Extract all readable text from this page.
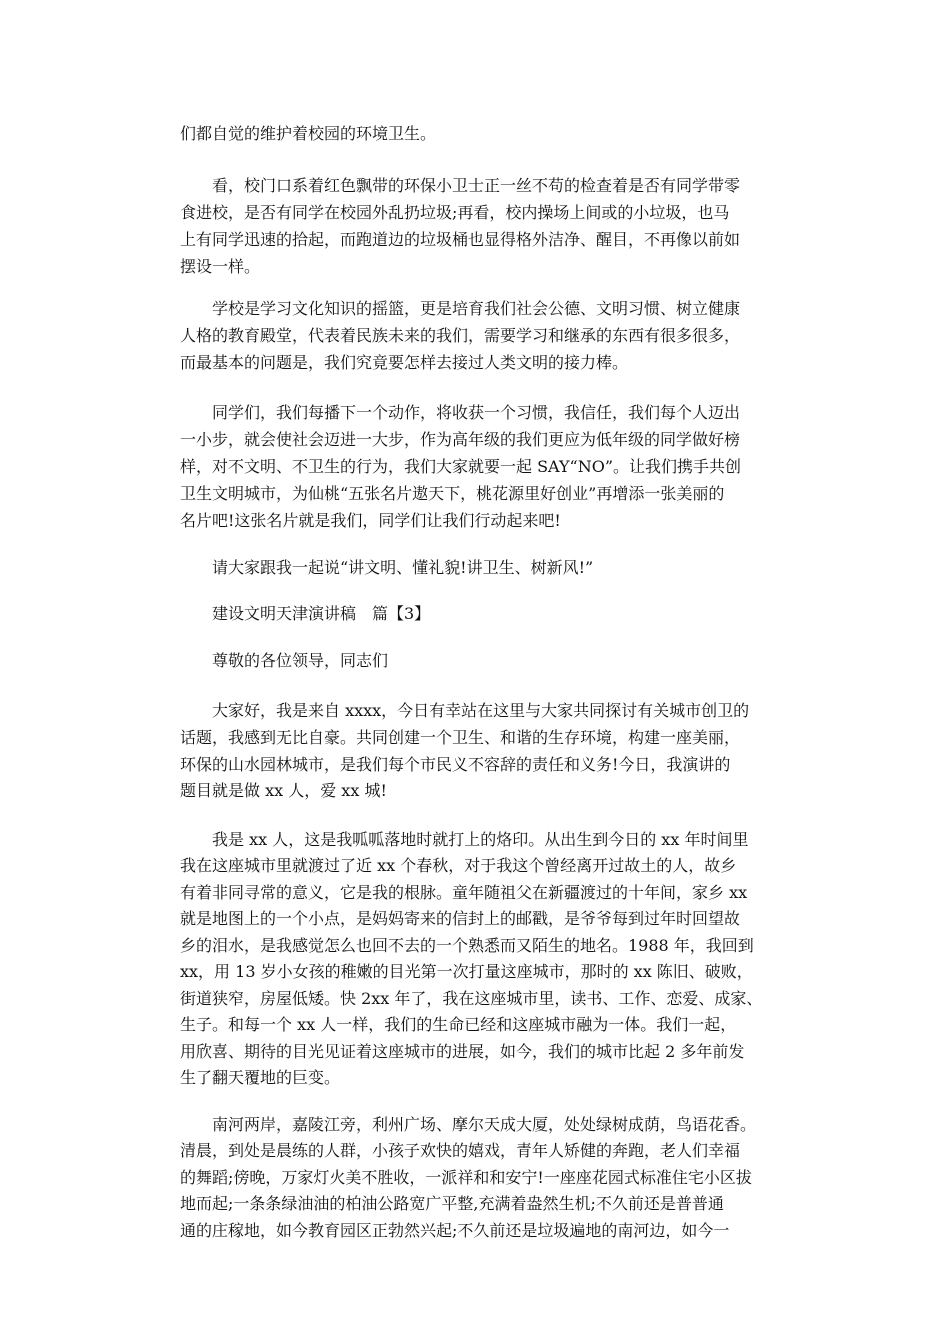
们都自觉的维护着校园的环境卫生。
看，校门口系着红色飘带的环保小卫士正一丝不苟的检查着是否有同学带零
食进校，是否有同学在校园外乱扔垃圾;再看，校内操场上间或的小垃圾，也马
上有同学迅速的拾起，而跑道边的垃圾桶也显得格外洁净、醒目，不再像以前如
摆设一样。
学校是学习文化知识的摇篮，更是培育我们社会公德、文明习惯、树立健康
人格的教育殿堂，代表着民族未来的我们，需要学习和继承的东西有很多很多，
而最基本的问题是，我们究竟要怎样去接过人类文明的接力棒。
同学们，我们每播下一个动作，将收获一个习惯，我信任，我们每个人迈出
一小步，就会使社会迈进一大步，作为高年级的我们更应为低年级的同学做好榜
样，对不文明、不卫生的行为，我们大家就要一起 SAY“NO”。让我们携手共创
卫生文明城市，为仙桃“五张名片遨天下，桃花源里好创业”再增添一张美丽的
名片吧!这张名片就是我们，同学们让我们行动起来吧!
请大家跟我一起说“讲文明、懂礼貌!讲卫生、树新风!”
建设文明天津演讲稿　篇【3】
尊敬的各位领导，同志们
大家好，我是来自 xxxx，今日有幸站在这里与大家共同探讨有关城市创卫的
话题，我感到无比自豪。共同创建一个卫生、和谐的生存环境，构建一座美丽，
环保的山水园林城市，是我们每个市民义不容辞的责任和义务!今日，我演讲的
题目就是做 xx 人，爱 xx 城!
我是 xx 人，这是我呱呱落地时就打上的烙印。从出生到今日的 xx 年时间里
我在这座城市里就渡过了近 xx 个春秋，对于我这个曾经离开过故土的人，故乡
有着非同寻常的意义，它是我的根脉。童年随祖父在新疆渡过的十年间，家乡 xx
就是地图上的一个小点，是妈妈寄来的信封上的邮戳，是爷爷每到过年时回望故
乡的泪水，是我感觉怎么也回不去的一个熟悉而又陌生的地名。1988 年，我回到
xx，用 13 岁小女孩的稚嫩的目光第一次打量这座城市，那时的 xx 陈旧、破败，
街道狭窄，房屋低矮。快 2xx 年了，我在这座城市里，读书、工作、恋爱、成家、
生子。和每一个 xx 人一样，我们的生命已经和这座城市融为一体。我们一起，
用欣喜、期待的目光见证着这座城市的进展，如今，我们的城市比起 2 多年前发
生了翻天覆地的巨变。
南河两岸，嘉陵江旁，利州广场、摩尔天成大厦，处处绿树成荫，鸟语花香。
清晨，到处是晨练的人群，小孩子欢快的嬉戏，青年人矫健的奔跑，老人们幸福
的舞蹈;傍晚，万家灯火美不胜收，一派祥和和安宁!一座座花园式标准住宅小区拔
地而起;一条条绿油油的柏油公路宽广平整,充满着盎然生机;不久前还是普普通
通的庄稼地，如今教育园区正勃然兴起;不久前还是垃圾遍地的南河边，如今一
